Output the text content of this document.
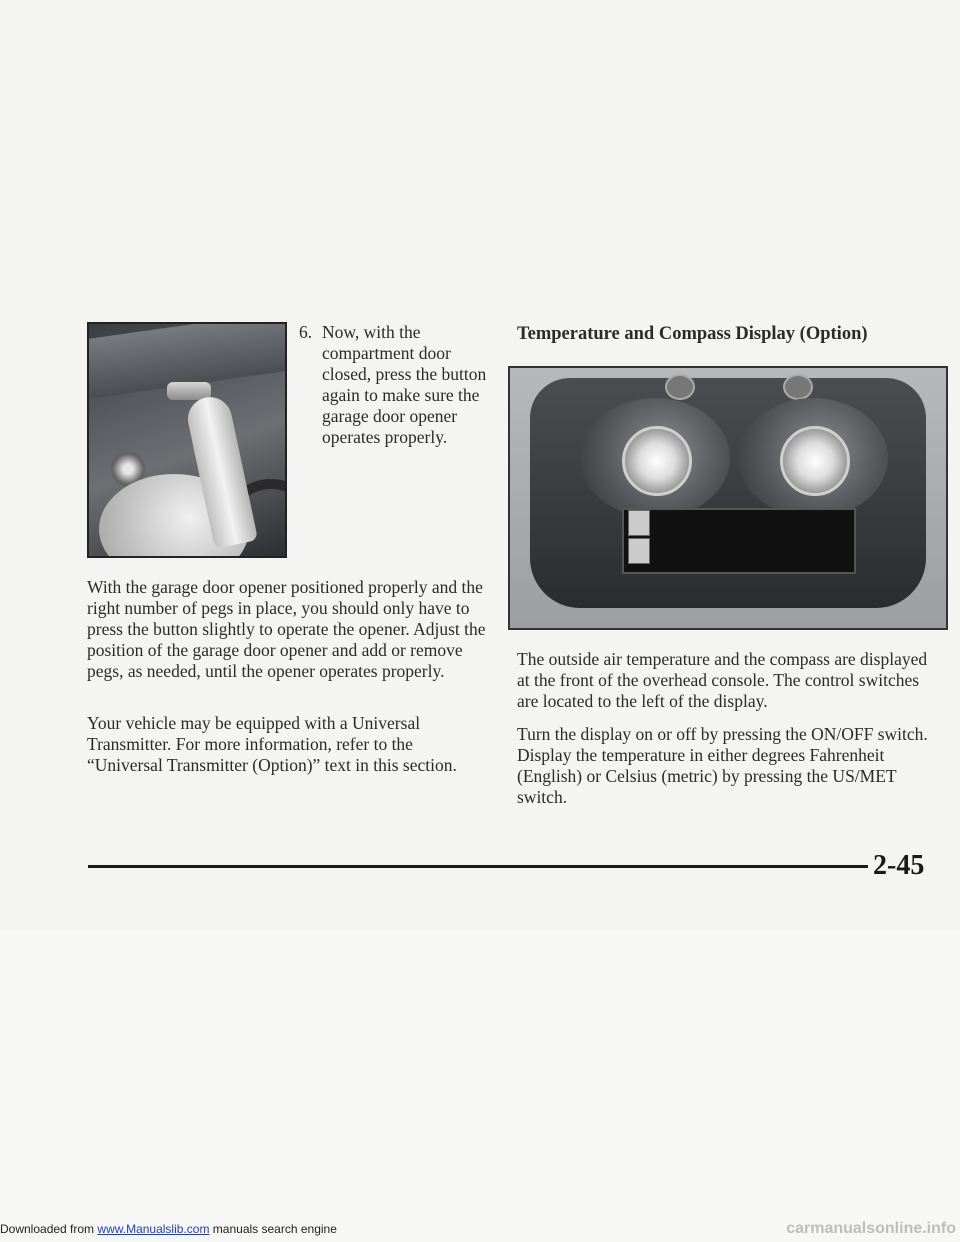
6. Now, with the compartment door closed, press the button again to make sure the garage door opener operates properly.
Temperature and Compass Display (Option)

With the garage door opener positioned properly and the right number of pegs in place, you should only have to press the button slightly to operate the opener. Adjust the position of the garage door opener and add or remove pegs, as needed, until the opener operates properly.

Your vehicle may be equipped with a Universal Transmitter. For more information, refer to the “Universal Transmitter (Option)” text in this section.

The outside air temperature and the compass are displayed at the front of the overhead console. The control switches are located to the left of the display.

Turn the display on or off by pressing the ON/OFF switch. Display the temperature in either degrees Fahrenheit (English) or Celsius (metric) by pressing the US/MET switch.

2-45
Downloaded from www.Manualslib.com manuals search engine	carmanualsonline.info
